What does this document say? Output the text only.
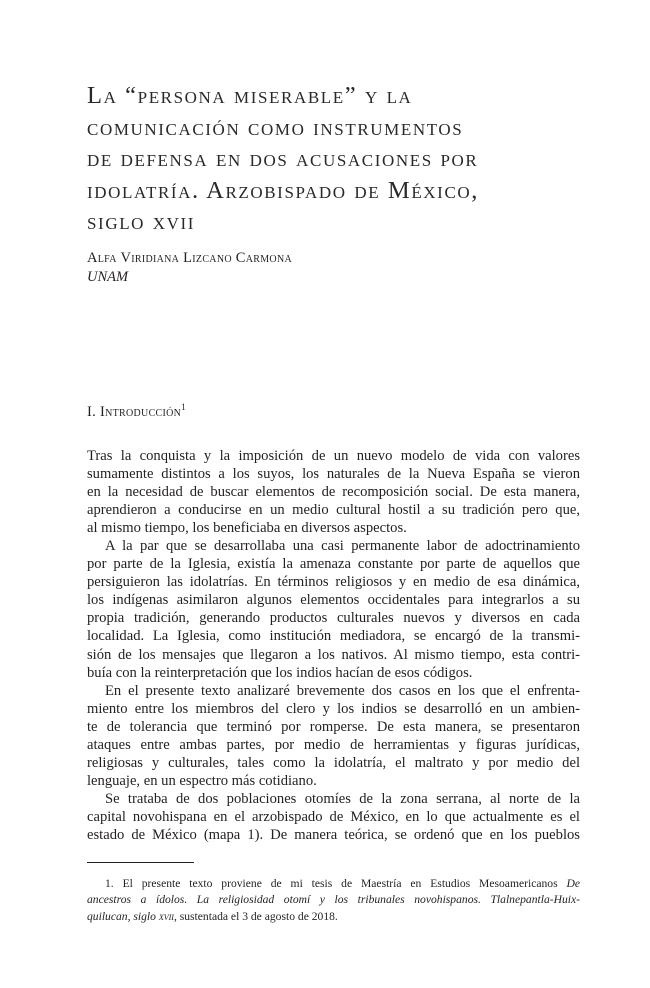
La “persona miserable” y la
comunicación como instrumentos
de defensa en dos acusaciones por
idolatría. Arzobispado de México,
siglo xvii
Alfa Viridiana Lizcano Carmona
UNAM
I. Introducción$^1$

Tras la conquista y la imposición de un nuevo modelo de vida con valores
sumamente distintos a los suyos, los naturales de la Nueva España se vieron
en la necesidad de buscar elementos de recomposición social. De esta manera,
aprendieron a conducirse en un medio cultural hostil a su tradición pero que,
al mismo tiempo, los beneficiaba en diversos aspectos.

A la par que se desarrollaba una casi permanente labor de adoctrinamiento
por parte de la Iglesia, existía la amenaza constante por parte de aquellos que
persiguieron las idolatrías. En términos religiosos y en medio de esa dinámica,
los indígenas asimilaron algunos elementos occidentales para integrarlos a su
propia tradición, generando productos culturales nuevos y diversos en cada
localidad. La Iglesia, como institución mediadora, se encargó de la transmi-
sión de los mensajes que llegaron a los nativos. Al mismo tiempo, esta contri-
buía con la reinterpretación que los indios hacían de esos códigos.

En el presente texto analizaré brevemente dos casos en los que el enfrenta-
miento entre los miembros del clero y los indios se desarrolló en un ambien-
te de tolerancia que terminó por romperse. De esta manera, se presentaron
ataques entre ambas partes, por medio de herramientas y figuras jurídicas,
religiosas y culturales, tales como la idolatría, el maltrato y por medio del
lenguaje, en un espectro más cotidiano.

Se trataba de dos poblaciones otomíes de la zona serrana, al norte de la
capital novohispana en el arzobispado de México, en lo que actualmente es el
estado de México (mapa 1). De manera teórica, se ordenó que en los pueblos

1. El presente texto proviene de mi tesis de Maestría en Estudios Mesoamericanos De
ancestros a ídolos. La religiosidad otomí y los tribunales novohispanos. Tlalnepantla-Huix-
quilucan, siglo xvii, sustentada el 3 de agosto de 2018.
